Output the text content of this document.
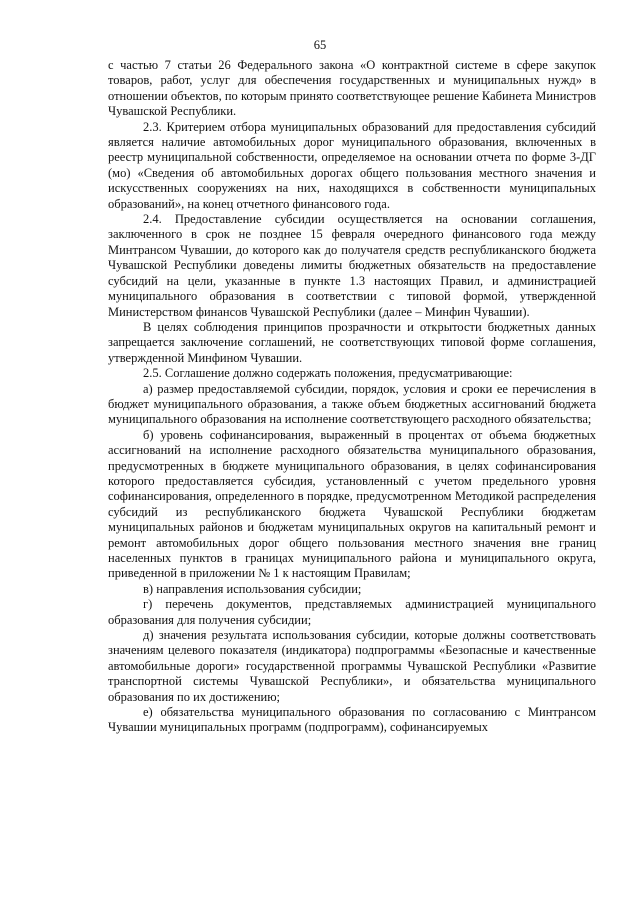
65

с частью 7 статьи 26 Федерального закона «О контрактной системе в сфере закупок товаров, работ, услуг для обеспечения государственных и муниципальных нужд» в отношении объектов, по которым принято соответствующее решение Кабинета Министров Чувашской Республики.

2.3. Критерием отбора муниципальных образований для предоставления субсидий является наличие автомобильных дорог муниципального образования, включенных в реестр муниципальной собственности, определяемое на основании отчета по форме 3-ДГ (мо) «Сведения об автомобильных дорогах общего пользования местного значения и искусственных сооружениях на них, находящихся в собственности муниципальных образований», на конец отчетного финансового года.

2.4. Предоставление субсидии осуществляется на основании соглашения, заключенного в срок не позднее 15 февраля очередного финансового года между Минтрансом Чувашии, до которого как до получателя средств республиканского бюджета Чувашской Республики доведены лимиты бюджетных обязательств на предоставление субсидий на цели, указанные в пункте 1.3 настоящих Правил, и администрацией муниципального образования в соответствии с типовой формой, утвержденной Министерством финансов Чувашской Республики (далее – Минфин Чувашии).

В целях соблюдения принципов прозрачности и открытости бюджетных данных запрещается заключение соглашений, не соответствующих типовой форме соглашения, утвержденной Минфином Чувашии.

2.5. Соглашение должно содержать положения, предусматривающие:

а) размер предоставляемой субсидии, порядок, условия и сроки ее перечисления в бюджет муниципального образования, а также объем бюджетных ассигнований бюджета муниципального образования на исполнение соответствующего расходного обязательства;

б) уровень софинансирования, выраженный в процентах от объема бюджетных ассигнований на исполнение расходного обязательства муниципального образования, предусмотренных в бюджете муниципального образования, в целях софинансирования которого предоставляется субсидия, установленный с учетом предельного уровня софинансирования, определенного в порядке, предусмотренном Методикой распределения субсидий из республиканского бюджета Чувашской Республики бюджетам муниципальных районов и бюджетам муниципальных округов на капитальный ремонт и ремонт автомобильных дорог общего пользования местного значения вне границ населенных пунктов в границах муниципального района и муниципального округа, приведенной в приложении № 1 к настоящим Правилам;

в) направления использования субсидии;

г) перечень документов, представляемых администрацией муниципального образования для получения субсидии;

д) значения результата использования субсидии, которые должны соответствовать значениям целевого показателя (индикатора) подпрограммы «Безопасные и качественные автомобильные дороги» государственной программы Чувашской Республики «Развитие транспортной системы Чувашской Республики», и обязательства муниципального образования по их достижению;

е) обязательства муниципального образования по согласованию с Минтрансом Чувашии муниципальных программ (подпрограмм), софинансируемых
